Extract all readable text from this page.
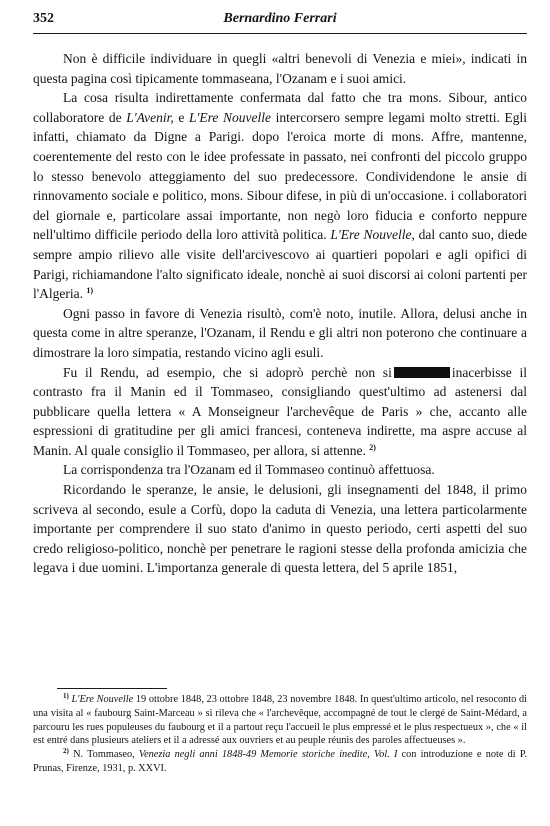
352	Bernardino Ferrari

Non è difficile individuare in quegli «altri benevoli di Venezia e miei», indicati in questa pagina così tipicamente tommaseana, l'Ozanam e i suoi amici.

La cosa risulta indirettamente confermata dal fatto che tra mons. Sibour, antico collaboratore de L'Avenir, e L'Ere Nouvelle intercorsero sempre legami molto stretti. Egli infatti, chiamato da Digne a Parigi. dopo l'eroica morte di mons. Affre, mantenne, coerentemente del resto con le idee professate in passato, nei confronti del piccolo gruppo lo stesso benevolo atteggiamento del suo predecessore. Condividendone le ansie di rinnovamento sociale e politico, mons. Sibour difese, in più di un'occasione. i collaboratori del giornale e, particolare assai importante, non negò loro fiducia e conforto neppure nell'ultimo difficile periodo della loro attività politica. L'Ere Nouvelle, dal canto suo, diede sempre ampio rilievo alle visite dell'arcivescovo ai quartieri popolari e agli opifici di Parigi, richiamandone l'alto significato ideale, nonchè ai suoi discorsi ai coloni partenti per l'Algeria. $^{1)}$

Ogni passo in favore di Venezia risultò, com'è noto, inutile. Allora, delusi anche in questa come in altre speranze, l'Ozanam, il Rendu e gli altri non poterono che continuare a dimostrare la loro simpatia, restando vicino agli esuli.

Fu il Rendu, ad esempio, che si adoprò perchè non si	inacerbisse il contrasto fra il Manin ed il Tommaseo, consigliando quest'ultimo ad astenersi dal pubblicare quella lettera « A Monseigneur l'archevêque de Paris » che, accanto alle espressioni di gratitudine per gli amici francesi, conteneva indirette, ma aspre accuse al Manin. Al quale consiglio il Tommaseo, per allora, si attenne. $^{2)}$

La corrispondenza tra l'Ozanam ed il Tommaseo continuò affettuosa.

Ricordando le speranze, le ansie, le delusioni, gli insegnamenti del 1848, il primo scriveva al secondo, esule a Corfù, dopo la caduta di Venezia, una lettera particolarmente importante per comprendere il suo stato d'animo in questo periodo, certi aspetti del suo credo religioso-politico, nonchè per penetrare le ragioni stesse della profonda amicizia che legava i due uomini. L'importanza generale di questa lettera, del 5 aprile 1851,

$^{1)}$ L'Ere Nouvelle 19 ottobre 1848, 23 ottobre 1848, 23 novembre 1848. In quest'ultimo articolo, nel resoconto di una visita al « faubourg Saint-Marceau » si rileva che « l'archevêque, accompagné de tout le clergé de Saint-Médard, a parcouru les rues populeuses du faubourg et il a partout reçu l'accueil le plus empressé et le plus respectueux », che « il est entré dans plusieurs ateliers et il a adressé aux ouvriers et au peuple réunis des paroles affectueuses ».

$^{2)}$ N. Tommaseo, Venezia negli anni 1848-49 Memorie storiche inedite, Vol. I con introduzione e note di P. Prunas, Firenze, 1931, p. XXVI.
